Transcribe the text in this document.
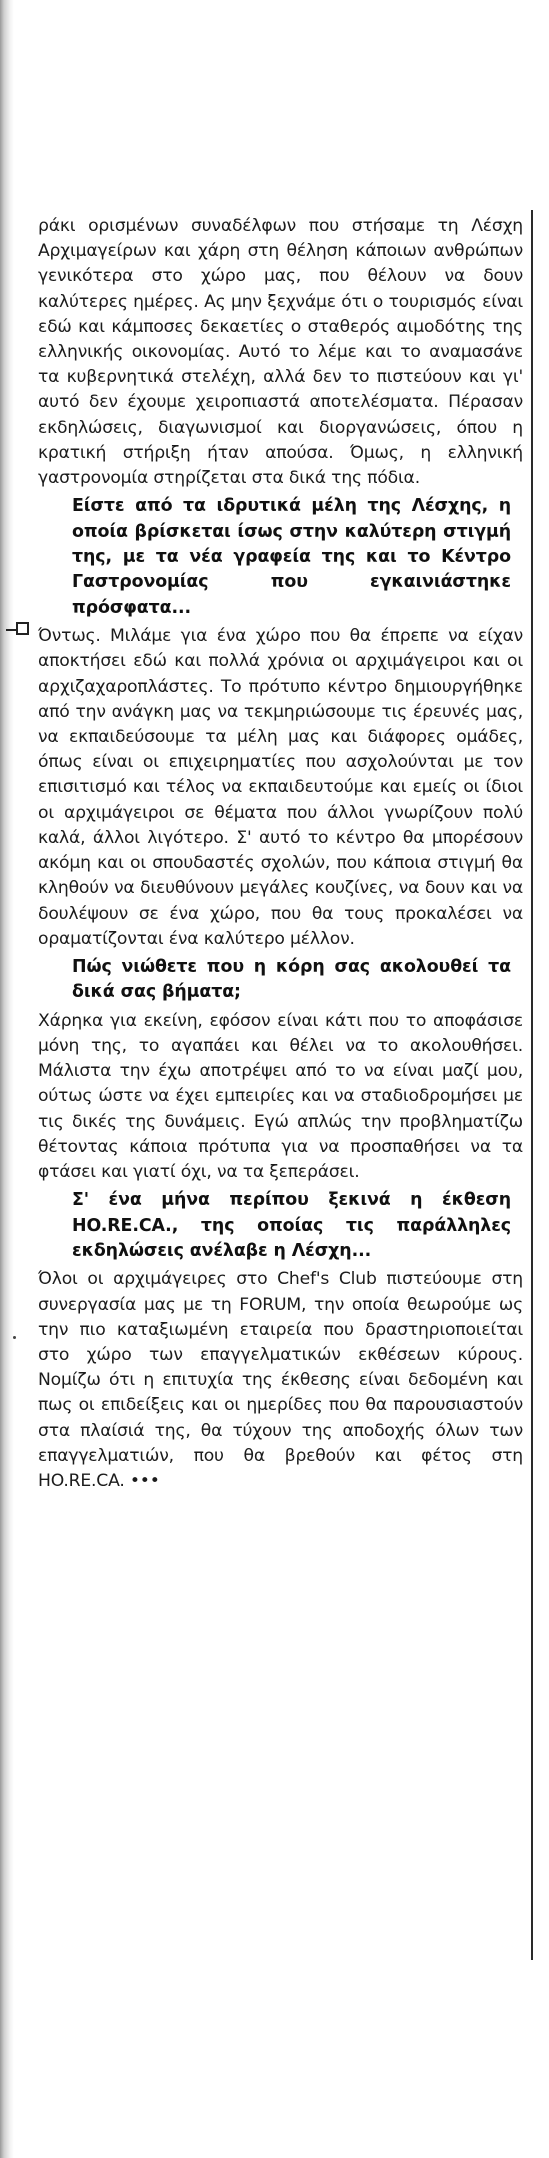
ράκι ορισμένων συναδέλφων που στήσαμε τη Λέσχη Αρχιμαγείρων και χάρη στη θέληση κάποιων ανθρώπων γενικότερα στο χώρο μας, που θέλουν να δουν καλύτερες ημέρες. Ας μην ξεχνάμε ότι ο τουρισμός είναι εδώ και κάμποσες δεκαετίες ο σταθερός αιμοδότης της ελληνικής οικονομίας. Αυτό το λέμε και το αναμασάνε τα κυβερνητικά στελέχη, αλλά δεν το πιστεύουν και γι' αυτό δεν έχουμε χειροπιαστά αποτελέσματα. Πέρασαν εκδηλώσεις, διαγωνισμοί και διοργανώσεις, όπου η κρατική στήριξη ήταν απούσα. Όμως, η ελληνική γαστρονομία στηρίζεται στα δικά της πόδια.

Είστε από τα ιδρυτικά μέλη της Λέσχης, η οποία βρίσκεται ίσως στην καλύτερη στιγμή της, με τα νέα γραφεία της και το Κέντρο Γαστρονομίας που εγκαινιάστηκε πρόσφατα...

Όντως. Μιλάμε για ένα χώρο που θα έπρεπε να είχαν αποκτήσει εδώ και πολλά χρόνια οι αρχιμάγειροι και οι αρχιζαχαροπλάστες. Το πρότυπο κέντρο δημιουργήθηκε από την ανάγκη μας να τεκμηριώσουμε τις έρευνές μας, να εκπαιδεύσουμε τα μέλη μας και διάφορες ομάδες, όπως είναι οι επιχειρηματίες που ασχολούνται με τον επισιτισμό και τέλος να εκπαιδευτούμε και εμείς οι ίδιοι οι αρχιμάγειροι σε θέματα που άλλοι γνωρίζουν πολύ καλά, άλλοι λιγότερο. Σ' αυτό το κέντρο θα μπορέσουν ακόμη και οι σπουδαστές σχολών, που κάποια στιγμή θα κληθούν να διευθύνουν μεγάλες κουζίνες, να δουν και να δουλέψουν σε ένα χώρο, που θα τους προκαλέσει να οραματίζονται ένα καλύτερο μέλλον.

Πώς νιώθετε που η κόρη σας ακολουθεί τα δικά σας βήματα;

Χάρηκα για εκείνη, εφόσον είναι κάτι που το αποφάσισε μόνη της, το αγαπάει και θέλει να το ακολουθήσει. Μάλιστα την έχω αποτρέψει από το να είναι μαζί μου, ούτως ώστε να έχει εμπειρίες και να σταδιοδρομήσει με τις δικές της δυνάμεις. Εγώ απλώς την προβληματίζω θέτοντας κάποια πρότυπα για να προσπαθήσει να τα φτάσει και γιατί όχι, να τα ξεπεράσει.

Σ' ένα μήνα περίπου ξεκινά η έκθεση HO.RE.CA., της οποίας τις παράλληλες εκδηλώσεις ανέλαβε η Λέσχη...

Όλοι οι αρχιμάγειρες στο Chef's Club πιστεύουμε στη συνεργασία μας με τη FORUM, την οποία θεωρούμε ως την πιο καταξιωμένη εταιρεία που δραστηριοποιείται στο χώρο των επαγγελματικών εκθέσεων κύρους. Νομίζω ότι η επιτυχία της έκθεσης είναι δεδομένη και πως οι επιδείξεις και οι ημερίδες που θα παρουσιαστούν στα πλαίσιά της, θα τύχουν της αποδοχής όλων των επαγγελματιών, που θα βρεθούν και φέτος στη HO.RE.CA. •••
